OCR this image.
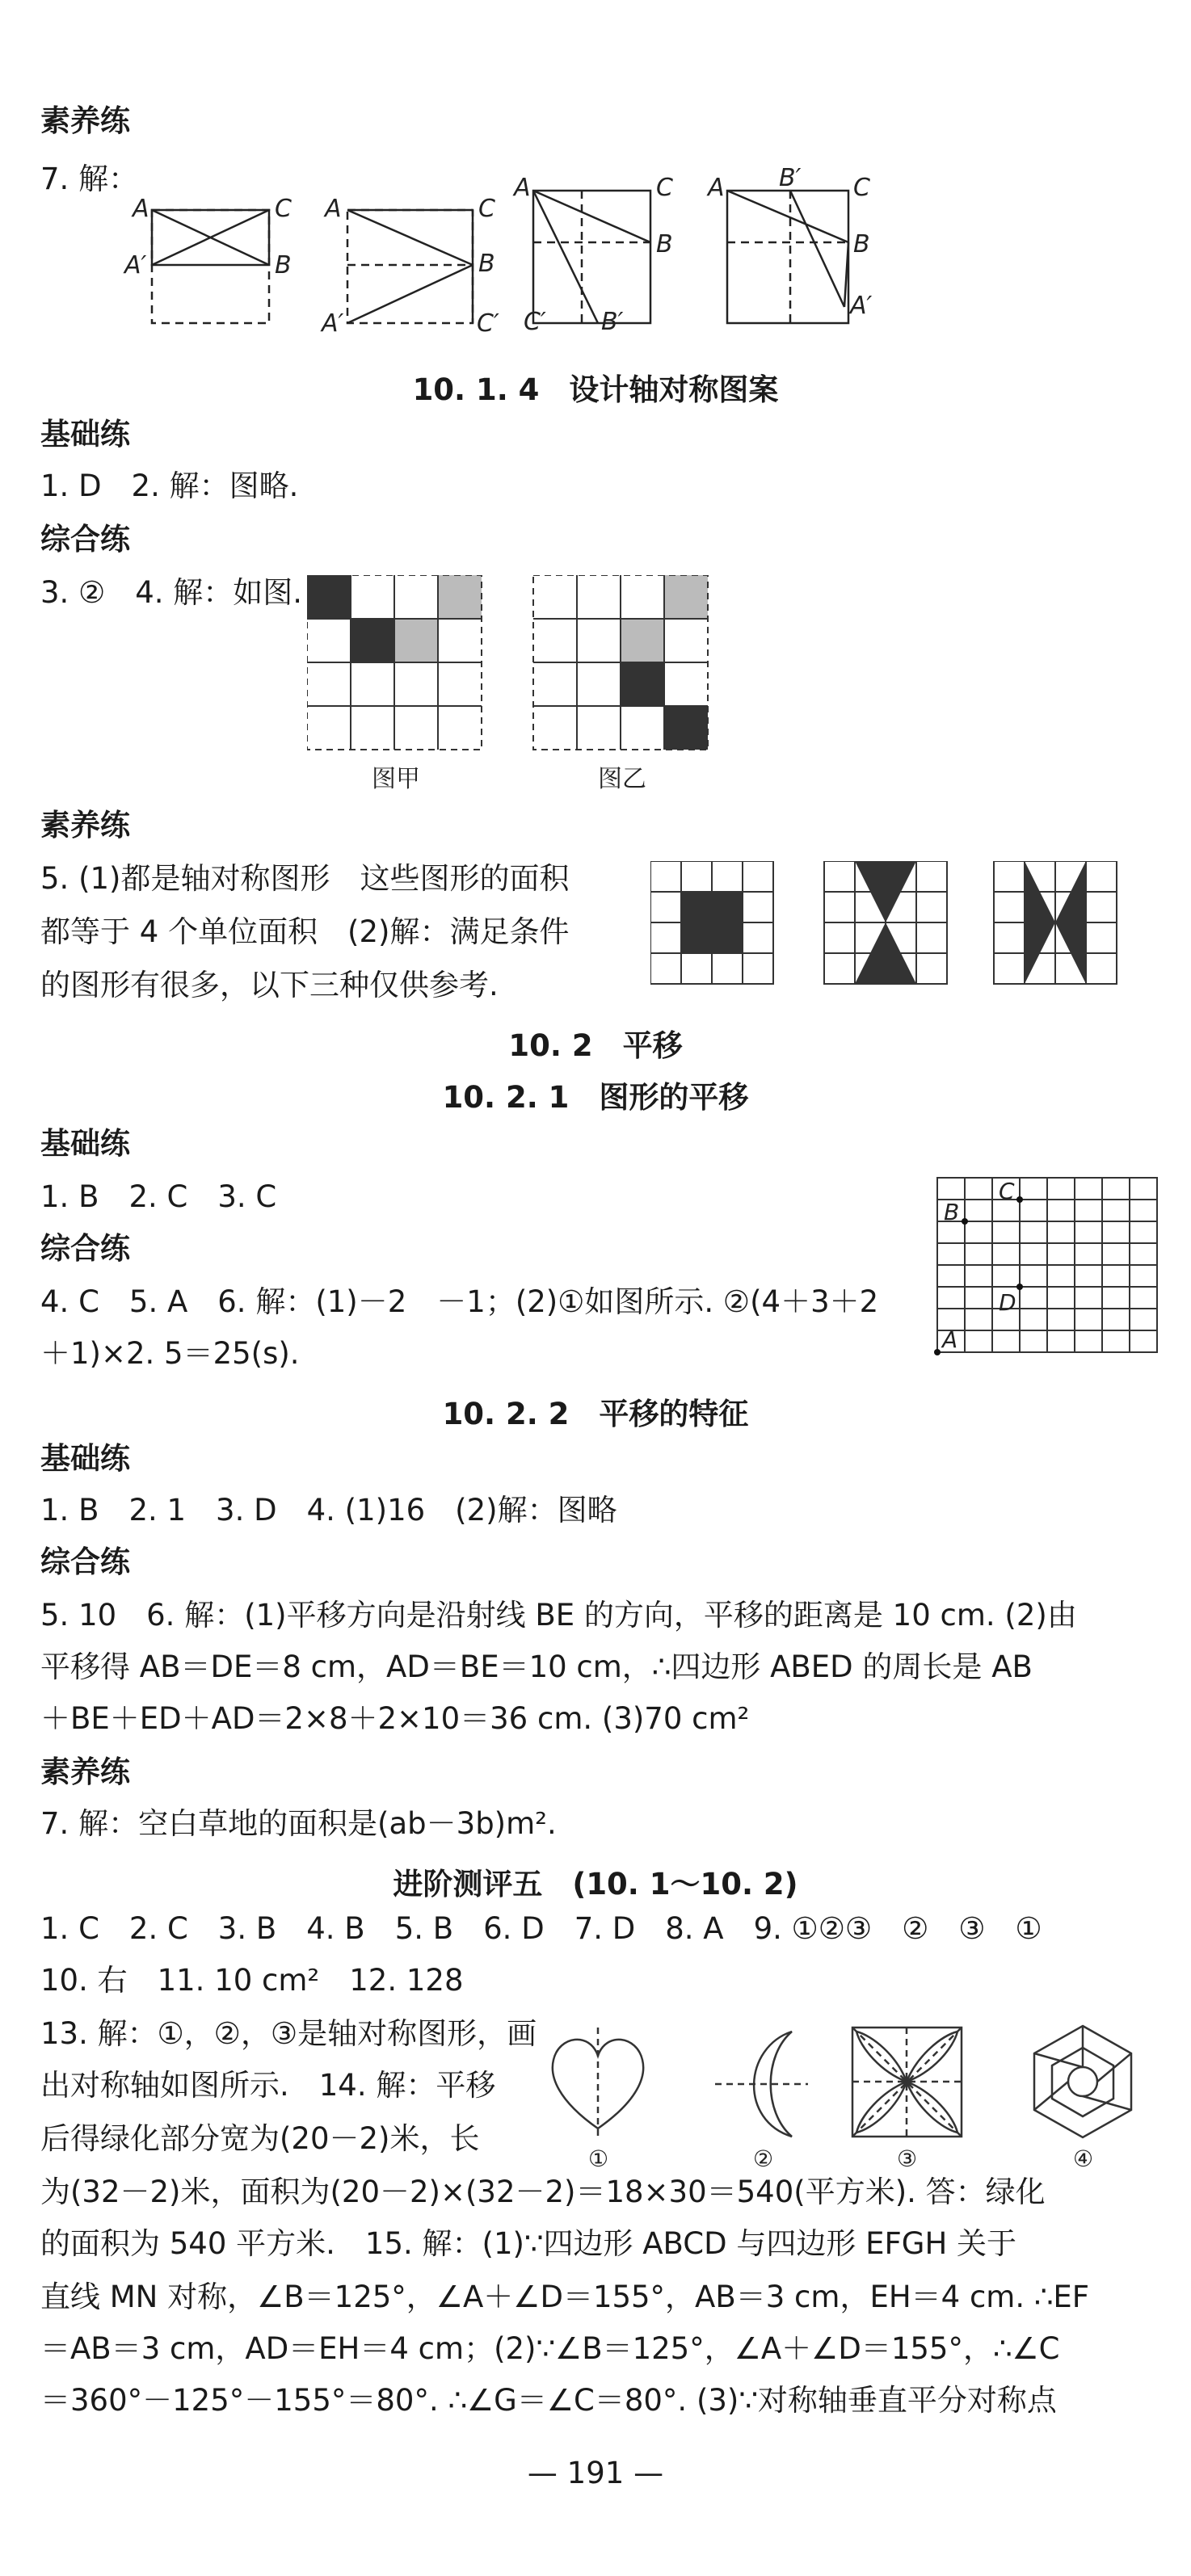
素养练
7. 解：
A	C
A′	B
A	C
B
A′	C′
A	C
B
C′ B′
A B′ C
B
A′
10. 1. 4　设计轴对称图案
基础练
1. D　2. 解：图略.
综合练
3. ②　4. 解：如图.
图甲	图乙
素养练
5. (1)都是轴对称图形　这些图形的面积
都等于 4 个单位面积　(2)解：满足条件
的图形有很多，以下三种仅供参考.
10. 2　平移
10. 2. 1　图形的平移
基础练
1. B　2. C　3. C
综合练
4. C　5. A　6. 解：(1)－2　－1；(2)①如图所示. ②(4＋3＋2
＋1)×2. 5＝25(s).	A
B
C
D
10. 2. 2　平移的特征
基础练
1. B　2. 1　3. D　4. (1)16　(2)解：图略
综合练
5. 10　6. 解：(1)平移方向是沿射线 BE 的方向，平移的距离是 10 cm. (2)由
平移得 AB＝DE＝8 cm，AD＝BE＝10 cm，∴四边形 ABED 的周长是 AB
＋BE＋ED＋AD＝2×8＋2×10＝36 cm. (3)70 cm²
素养练
7. 解：空白草地的面积是(ab－3b)m².
进阶测评五　(10. 1～10. 2)
1. C　2. C　3. B　4. B　5. B　6. D　7. D　8. A　9. ①②③　②　③　①
10. 右　11. 10 cm²　12. 128
13. 解：①，②，③是轴对称图形，画
出对称轴如图所示.　14. 解：平移
后得绿化部分宽为(20－2)米，长
①	②	③	④
为(32－2)米，面积为(20－2)×(32－2)＝18×30＝540(平方米). 答：绿化
的面积为 540 平方米.　15. 解：(1)∵四边形 ABCD 与四边形 EFGH 关于
直线 MN 对称，∠B＝125°，∠A＋∠D＝155°，AB＝3 cm，EH＝4 cm. ∴EF
＝AB＝3 cm，AD＝EH＝4 cm；(2)∵∠B＝125°，∠A＋∠D＝155°，∴∠C
＝360°－125°－155°＝80°. ∴∠G＝∠C＝80°. (3)∵对称轴垂直平分对称点
— 191 —
